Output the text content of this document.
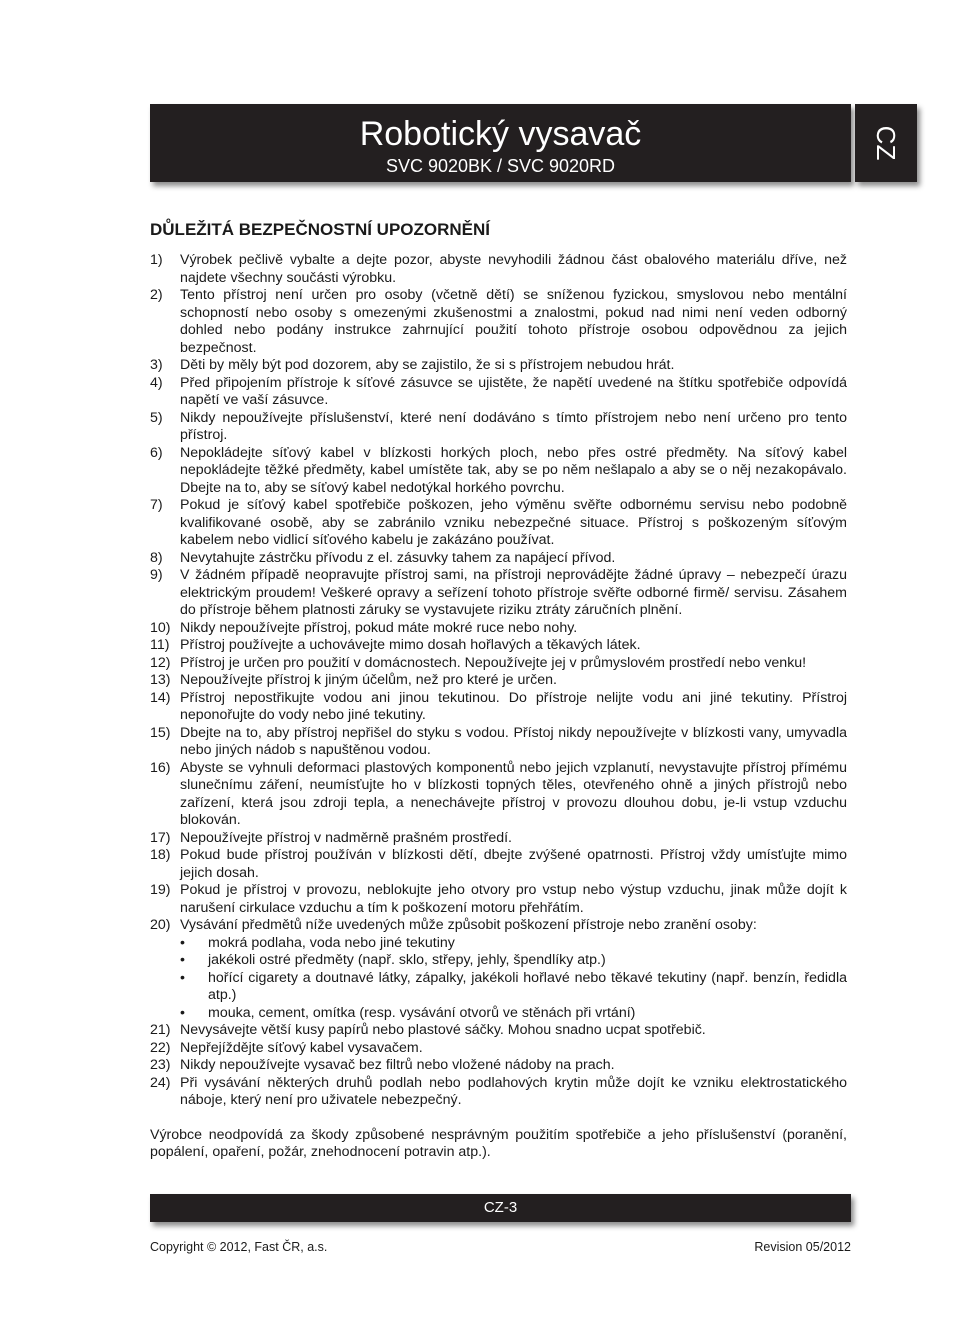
Robotický vysavač
SVC 9020BK / SVC 9020RD
CZ
DŮLEŽITÁ BEZPEČNOSTNÍ UPOZORNĚNÍ
1) Výrobek pečlivě vybalte a dejte pozor, abyste nevyhodili žádnou část obalového materiálu dříve, než najdete všechny součásti výrobku.
2) Tento přístroj není určen pro osoby (včetně dětí) se sníženou fyzickou, smyslovou nebo mentální schopností nebo osoby s omezenými zkušenostmi a znalostmi, pokud nad nimi není veden odborný dohled nebo podány instrukce zahrnující použití tohoto přístroje osobou odpovědnou za jejich bezpečnost.
3) Děti by měly být pod dozorem, aby se zajistilo, že si s přístrojem nebudou hrát.
4) Před připojením přístroje k síťové zásuvce se ujistěte, že napětí uvedené na štítku spotřebiče odpovídá napětí ve vaší zásuvce.
5) Nikdy nepoužívejte příslušenství, které není dodáváno s tímto přístrojem nebo není určeno pro tento přístroj.
6) Nepokládejte síťový kabel v blízkosti horkých ploch, nebo přes ostré předměty. Na síťový kabel nepokládejte těžké předměty, kabel umístěte tak, aby se po něm nešlapalo a aby se o něj nezakopávalo. Dbejte na to, aby se síťový kabel nedotýkal horkého povrchu.
7) Pokud je síťový kabel spotřebiče poškozen, jeho výměnu svěřte odbornému servisu nebo podobně kvalifikované osobě, aby se zabránilo vzniku nebezpečné situace. Přístroj s poškozeným síťovým kabelem nebo vidlicí síťového kabelu je zakázáno používat.
8) Nevytahujte zástrčku přívodu z el. zásuvky tahem za napájecí přívod.
9) V žádném případě neopravujte přístroj sami, na přístroji neprovádějte žádné úpravy – nebezpečí úrazu elektrickým proudem! Veškeré opravy a seřízení tohoto přístroje svěřte odborné firmě/ servisu. Zásahem do přístroje během platnosti záruky se vystavujete riziku ztráty záručních plnění.
10) Nikdy nepoužívejte přístroj, pokud máte mokré ruce nebo nohy.
11) Přístroj používejte a uchovávejte mimo dosah hořlavých a těkavých látek.
12) Přístroj je určen pro použití v domácnostech. Nepoužívejte jej v průmyslovém prostředí nebo venku!
13) Nepoužívejte přístroj k jiným účelům, než pro které je určen.
14) Přístroj nepostřikujte vodou ani jinou tekutinou. Do přístroje nelijte vodu ani jiné tekutiny. Přístroj neponořujte do vody nebo jiné tekutiny.
15) Dbejte na to, aby přístroj nepřišel do styku s vodou. Přístoj nikdy nepoužívejte v blízkosti vany, umyvadla nebo jiných nádob s napuštěnou vodou.
16) Abyste se vyhnuli deformaci plastových komponentů nebo jejich vzplanutí, nevystavujte přístroj přímému slunečnímu záření, neumísťujte ho v blízkosti topných těles, otevřeného ohně a jiných přístrojů nebo zařízení, která jsou zdroji tepla, a nenechávejte přístroj v provozu dlouhou dobu, je-li vstup vzduchu blokován.
17) Nepoužívejte přístroj v nadměrně prašném prostředí.
18) Pokud bude přístroj používán v blízkosti dětí, dbejte zvýšené opatrnosti. Přístroj vždy umísťujte mimo jejich dosah.
19) Pokud je přístroj v provozu, neblokujte jeho otvory pro vstup nebo výstup vzduchu, jinak může dojít k narušení cirkulace vzduchu a tím k poškození motoru přehřátím.
20) Vysávání předmětů níže uvedených může způsobit poškození přístroje nebo zranění osoby:
• mokrá podlaha, voda nebo jiné tekutiny
• jakékoli ostré předměty (např. sklo, střepy, jehly, špendlíky atp.)
• hořící cigarety a doutnavé látky, zápalky, jakékoli hořlavé nebo těkavé tekutiny (např. benzín, ředidla atp.)
• mouka, cement, omítka (resp. vysávání otvorů ve stěnách při vrtání)
21) Nevysávejte větší kusy papírů nebo plastové sáčky. Mohou snadno ucpat spotřebič.
22) Nepřejíždějte síťový kabel vysavačem.
23) Nikdy nepoužívejte vysavač bez filtrů nebo vložené nádoby na prach.
24) Při vysávání některých druhů podlah nebo podlahových krytin může dojít ke vzniku elektrostatického náboje, který není pro uživatele nebezpečný.
Výrobce neodpovídá za škody způsobené nesprávným použitím spotřebiče a jeho příslušenství (poranění, popálení, opaření, požár, znehodnocení potravin atp.).
CZ-3
Copyright © 2012, Fast ČR, a.s.	Revision 05/2012
